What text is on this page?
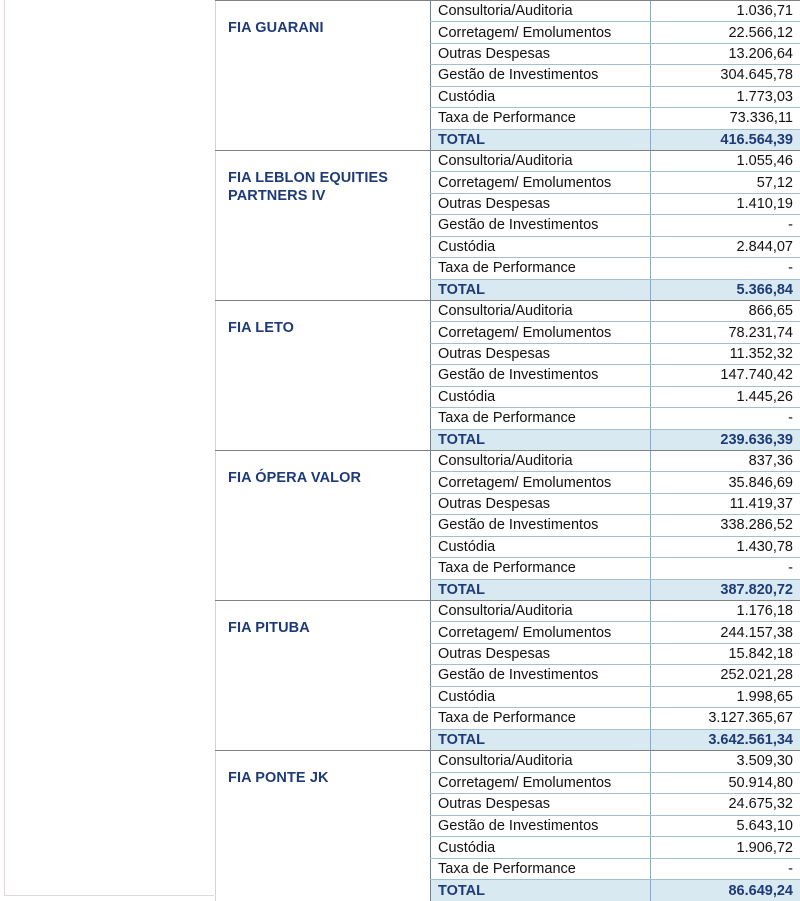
FIA GUARANI
Consultoria/Auditoria	1.036,71
Corretagem/ Emolumentos	22.566,12
Outras Despesas	13.206,64
Gestão de Investimentos	304.645,78
Custódia	1.773,03
Taxa de Performance	73.336,11
TOTAL	416.564,39
FIA LEBLON EQUITIES PARTNERS IV
Consultoria/Auditoria	1.055,46
Corretagem/ Emolumentos	57,12
Outras Despesas	1.410,19
Gestão de Investimentos	-
Custódia	2.844,07
Taxa de Performance	-
TOTAL	5.366,84
FIA LETO
Consultoria/Auditoria	866,65
Corretagem/ Emolumentos	78.231,74
Outras Despesas	11.352,32
Gestão de Investimentos	147.740,42
Custódia	1.445,26
Taxa de Performance	-
TOTAL	239.636,39
FIA ÓPERA VALOR
Consultoria/Auditoria	837,36
Corretagem/ Emolumentos	35.846,69
Outras Despesas	11.419,37
Gestão de Investimentos	338.286,52
Custódia	1.430,78
Taxa de Performance	-
TOTAL	387.820,72
FIA PITUBA
Consultoria/Auditoria	1.176,18
Corretagem/ Emolumentos	244.157,38
Outras Despesas	15.842,18
Gestão de Investimentos	252.021,28
Custódia	1.998,65
Taxa de Performance	3.127.365,67
TOTAL	3.642.561,34
FIA PONTE JK
Consultoria/Auditoria	3.509,30
Corretagem/ Emolumentos	50.914,80
Outras Despesas	24.675,32
Gestão de Investimentos	5.643,10
Custódia	1.906,72
Taxa de Performance	-
TOTAL	86.649,24
